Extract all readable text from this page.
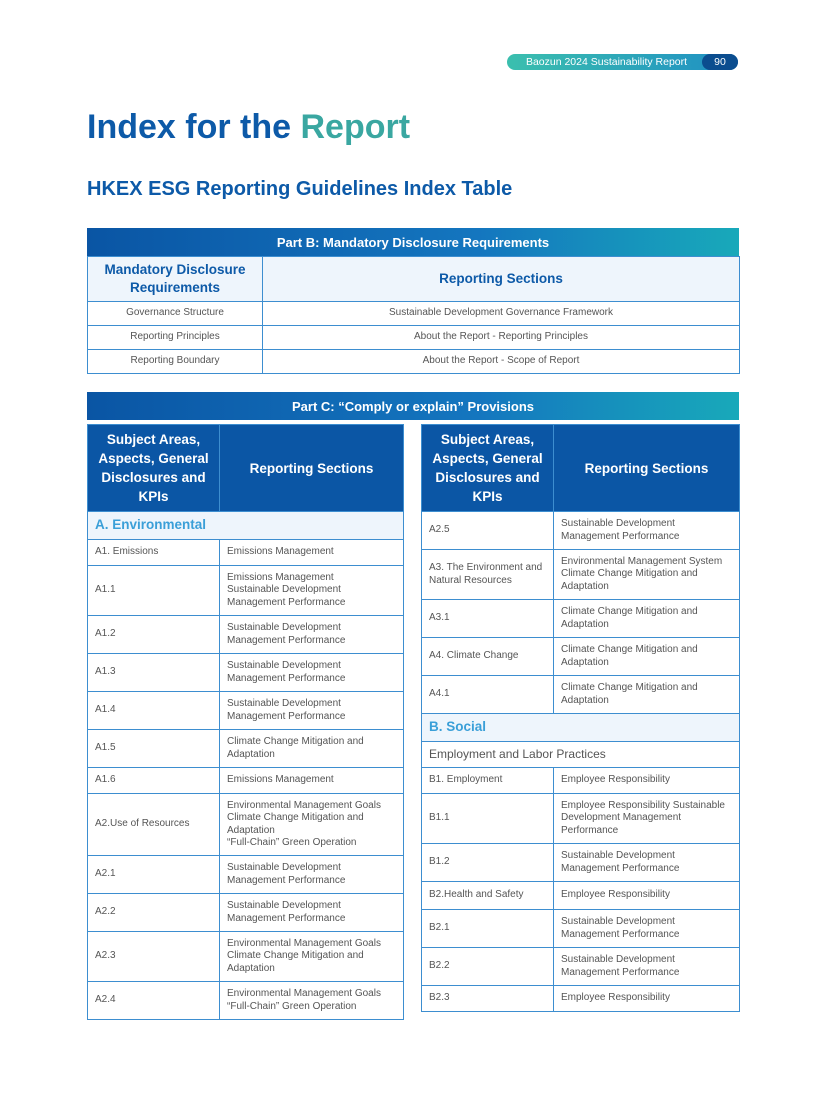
Baozun 2024 Sustainability Report	90
Index for the Report
HKEX ESG Reporting Guidelines Index Table
Part B: Mandatory Disclosure Requirements
Mandatory Disclosure Requirements	Reporting Sections
Governance Structure	Sustainable Development Governance Framework
Reporting Principles	About the Report - Reporting Principles
Reporting Boundary	About the Report - Scope of Report
Part C: “Comply or explain” Provisions
Subject Areas, Aspects, General Disclosures and KPIs	Reporting Sections
A. Environmental	
A1. Emissions	Emissions Management

A1.1	Emissions Management
Sustainable Development
Management Performance

A1.2	Sustainable Development
Management Performance

A1.3	Sustainable Development
Management Performance

A1.4	Sustainable Development
Management Performance

A1.5	Climate Change Mitigation and
Adaptation

A1.6	Emissions Management

A2.Use of Resources	Environmental Management Goals
Climate Change Mitigation and
Adaptation
“Full-Chain” Green Operation

A2.1	Sustainable Development
Management Performance

A2.2	Sustainable Development
Management Performance

A2.3	Environmental Management Goals
Climate Change Mitigation and
Adaptation

A2.4	Environmental Management Goals
“Full-Chain” Green Operation
Subject Areas, Aspects, General Disclosures and KPIs	Reporting Sections
A2.5	Sustainable Development
Management Performance

A3. The Environment and Natural Resources	Environmental Management System
Climate Change Mitigation and
Adaptation

A3.1	Climate Change Mitigation and
Adaptation

A4. Climate Change	Climate Change Mitigation and
Adaptation

A4.1	Climate Change Mitigation and
Adaptation

B. Social	
Employment and Labor Practices	
B1. Employment	Employee Responsibility

B1.1	Employee Responsibility Sustainable
Development Management
Performance

B1.2	Sustainable Development
Management Performance

B2.Health and Safety	Employee Responsibility

B2.1	Sustainable Development
Management Performance

B2.2	Sustainable Development
Management Performance

B2.3	Employee Responsibility
